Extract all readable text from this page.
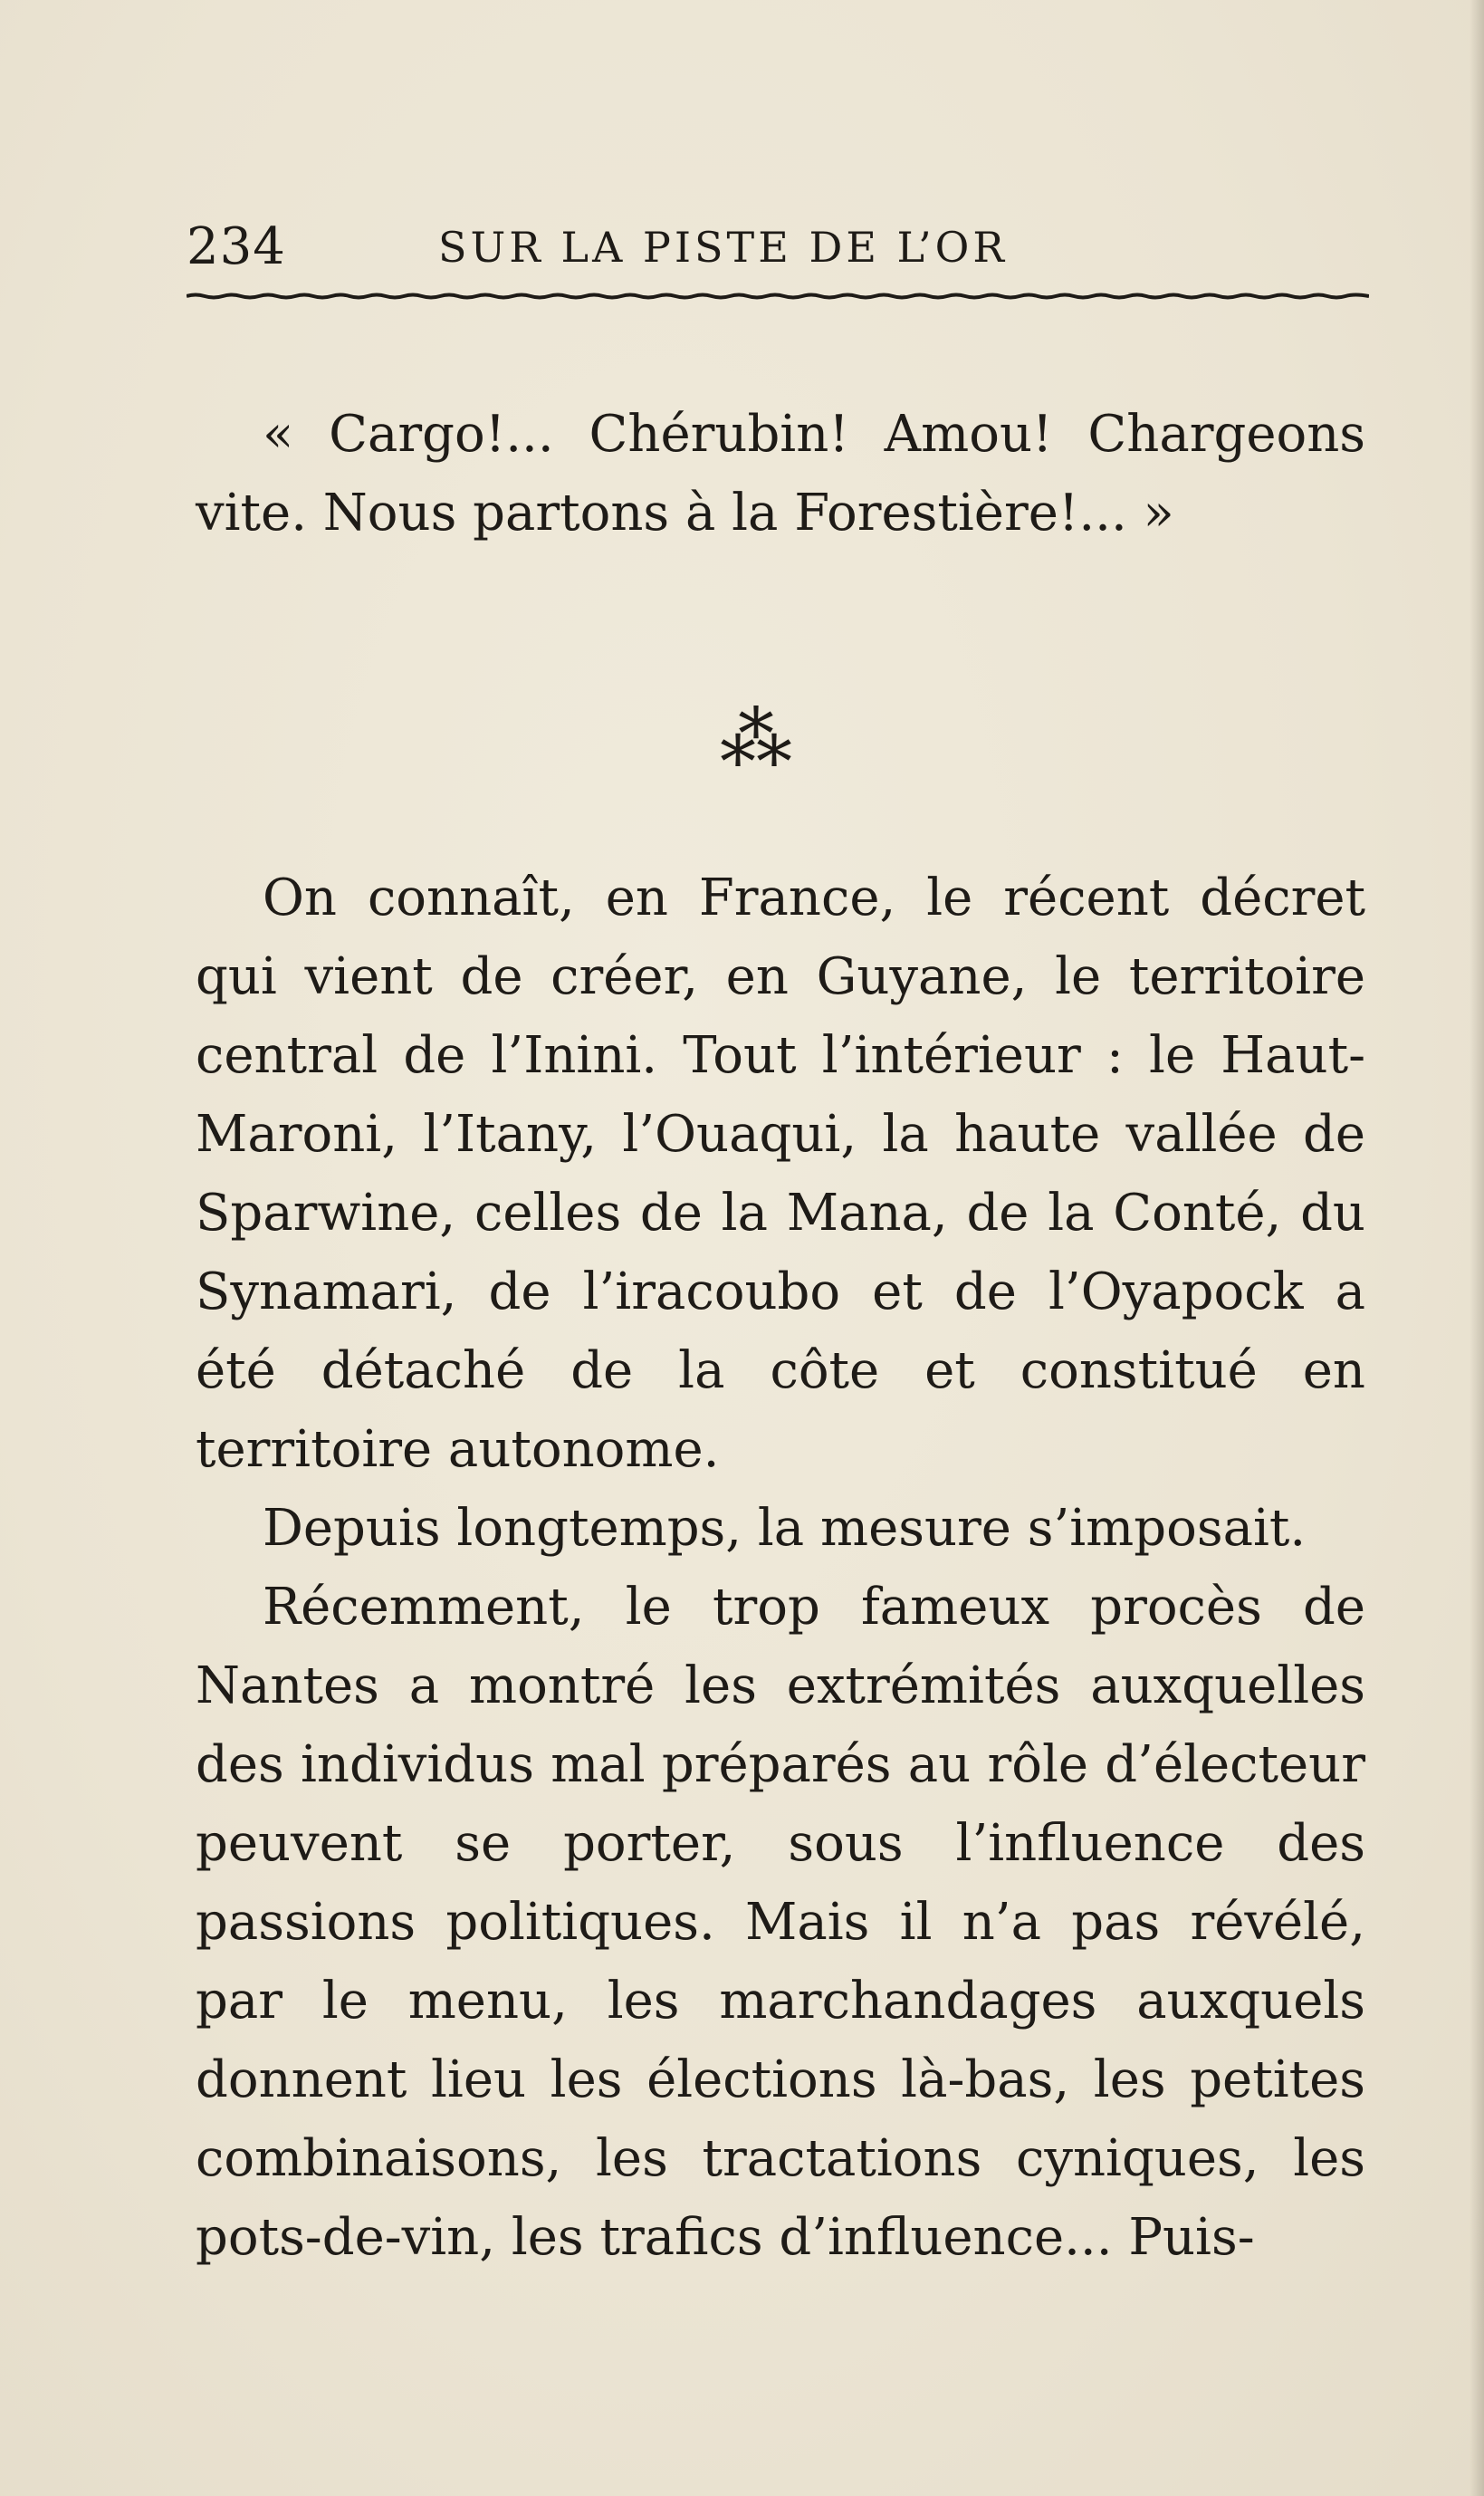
234	SUR LA PISTE DE L’OR

« Cargo!... Chérubin! Amou! Chargeons vite. Nous partons à la Forestière!... »

⁂

On connaît, en France, le récent décret qui vient de créer, en Guyane, le territoire central de l’Inini. Tout l’intérieur : le Haut-Maroni, l’Itany, l’Ouaqui, la haute vallée de Sparwine, celles de la Mana, de la Conté, du Synamari, de l’iracoubo et de l’Oyapock a été détaché de la côte et constitué en territoire autonome.

Depuis longtemps, la mesure s’imposait.

Récemment, le trop fameux procès de Nantes a montré les extrémités auxquelles des individus mal préparés au rôle d’électeur peuvent se porter, sous l’influence des passions politiques. Mais il n’a pas révélé, par le menu, les marchandages auxquels donnent lieu les élections là-bas, les petites combinaisons, les tractations cyniques, les pots-de-vin, les trafics d’influence... Puis-
